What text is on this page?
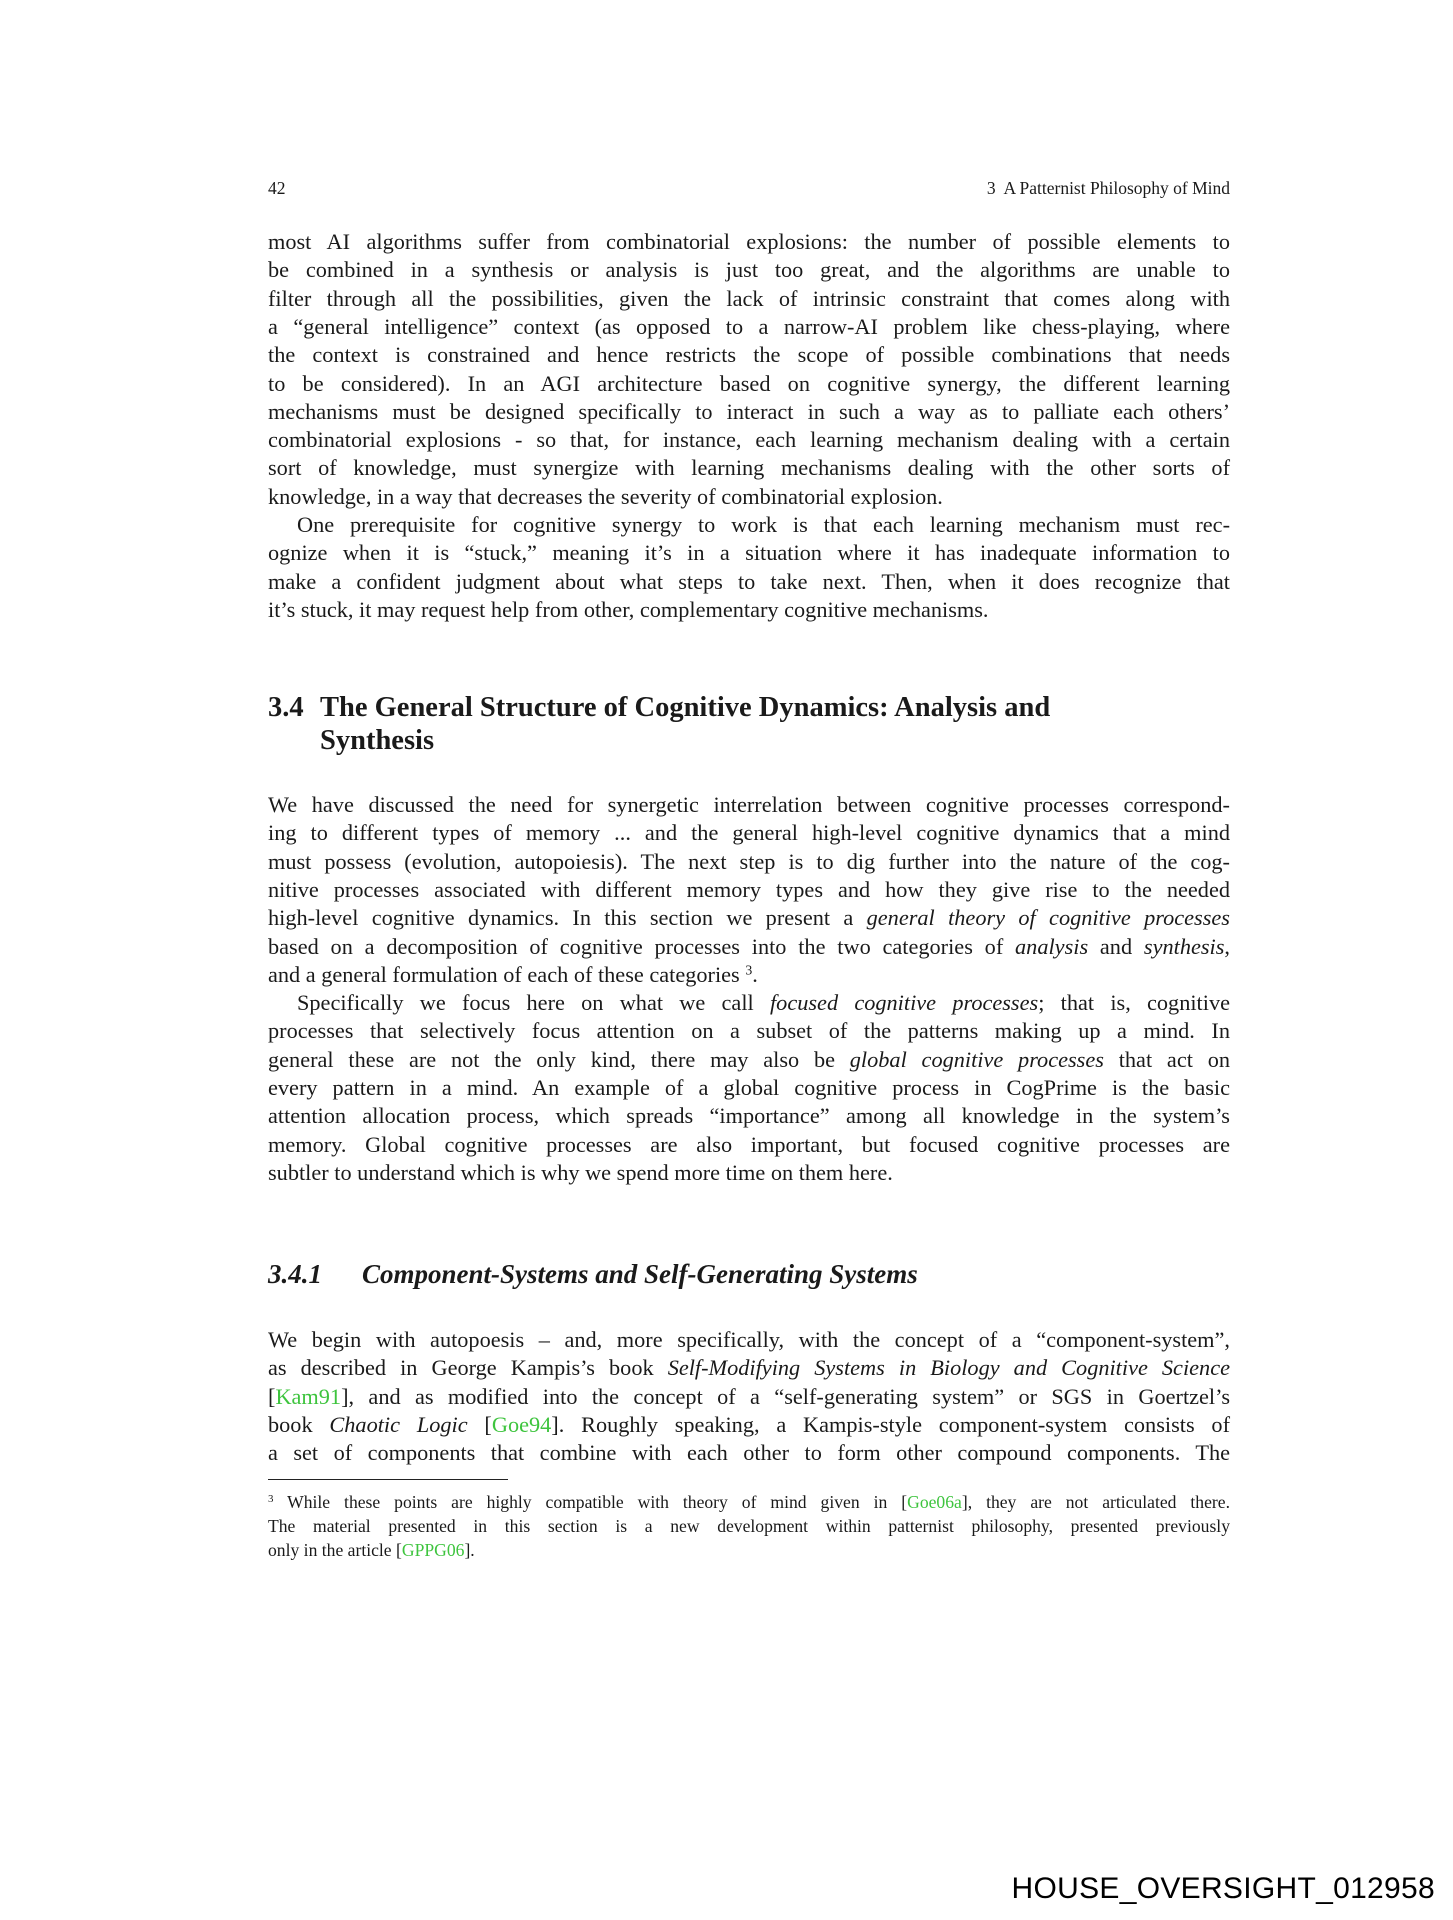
42	3  A Patternist Philosophy of Mind
most AI algorithms suffer from combinatorial explosions: the number of possible elements to
be combined in a synthesis or analysis is just too great, and the algorithms are unable to
filter through all the possibilities, given the lack of intrinsic constraint that comes along with
a “general intelligence” context (as opposed to a narrow-AI problem like chess-playing, where
the context is constrained and hence restricts the scope of possible combinations that needs
to be considered). In an AGI architecture based on cognitive synergy, the different learning
mechanisms must be designed specifically to interact in such a way as to palliate each others’
combinatorial explosions - so that, for instance, each learning mechanism dealing with a certain
sort of knowledge, must synergize with learning mechanisms dealing with the other sorts of
knowledge, in a way that decreases the severity of combinatorial explosion.
One prerequisite for cognitive synergy to work is that each learning mechanism must rec-
ognize when it is “stuck,” meaning it’s in a situation where it has inadequate information to
make a confident judgment about what steps to take next. Then, when it does recognize that
it’s stuck, it may request help from other, complementary cognitive mechanisms.
3.4 The General Structure of Cognitive Dynamics: Analysis and
Synthesis
We have discussed the need for synergetic interrelation between cognitive processes correspond-
ing to different types of memory ... and the general high-level cognitive dynamics that a mind
must possess (evolution, autopoiesis). The next step is to dig further into the nature of the cog-
nitive processes associated with different memory types and how they give rise to the needed
high-level cognitive dynamics. In this section we present a general theory of cognitive processes
based on a decomposition of cognitive processes into the two categories of analysis and synthesis,
and a general formulation of each of these categories $^3$.
Specifically we focus here on what we call focused cognitive processes; that is, cognitive
processes that selectively focus attention on a subset of the patterns making up a mind. In
general these are not the only kind, there may also be global cognitive processes that act on
every pattern in a mind. An example of a global cognitive process in CogPrime is the basic
attention allocation process, which spreads “importance” among all knowledge in the system’s
memory. Global cognitive processes are also important, but focused cognitive processes are
subtler to understand which is why we spend more time on them here.
3.4.1 Component-Systems and Self-Generating Systems
We begin with autopoesis – and, more specifically, with the concept of a “component-system”,
as described in George Kampis’s book Self-Modifying Systems in Biology and Cognitive Science
[Kam91], and as modified into the concept of a “self-generating system” or SGS in Goertzel’s
book Chaotic Logic [Goe94]. Roughly speaking, a Kampis-style component-system consists of
a set of components that combine with each other to form other compound components. The
$^3$ While these points are highly compatible with theory of mind given in [Goe06a], they are not articulated there.
The material presented in this section is a new development within patternist philosophy, presented previously
only in the article [GPPG06].
HOUSE_OVERSIGHT_012958
